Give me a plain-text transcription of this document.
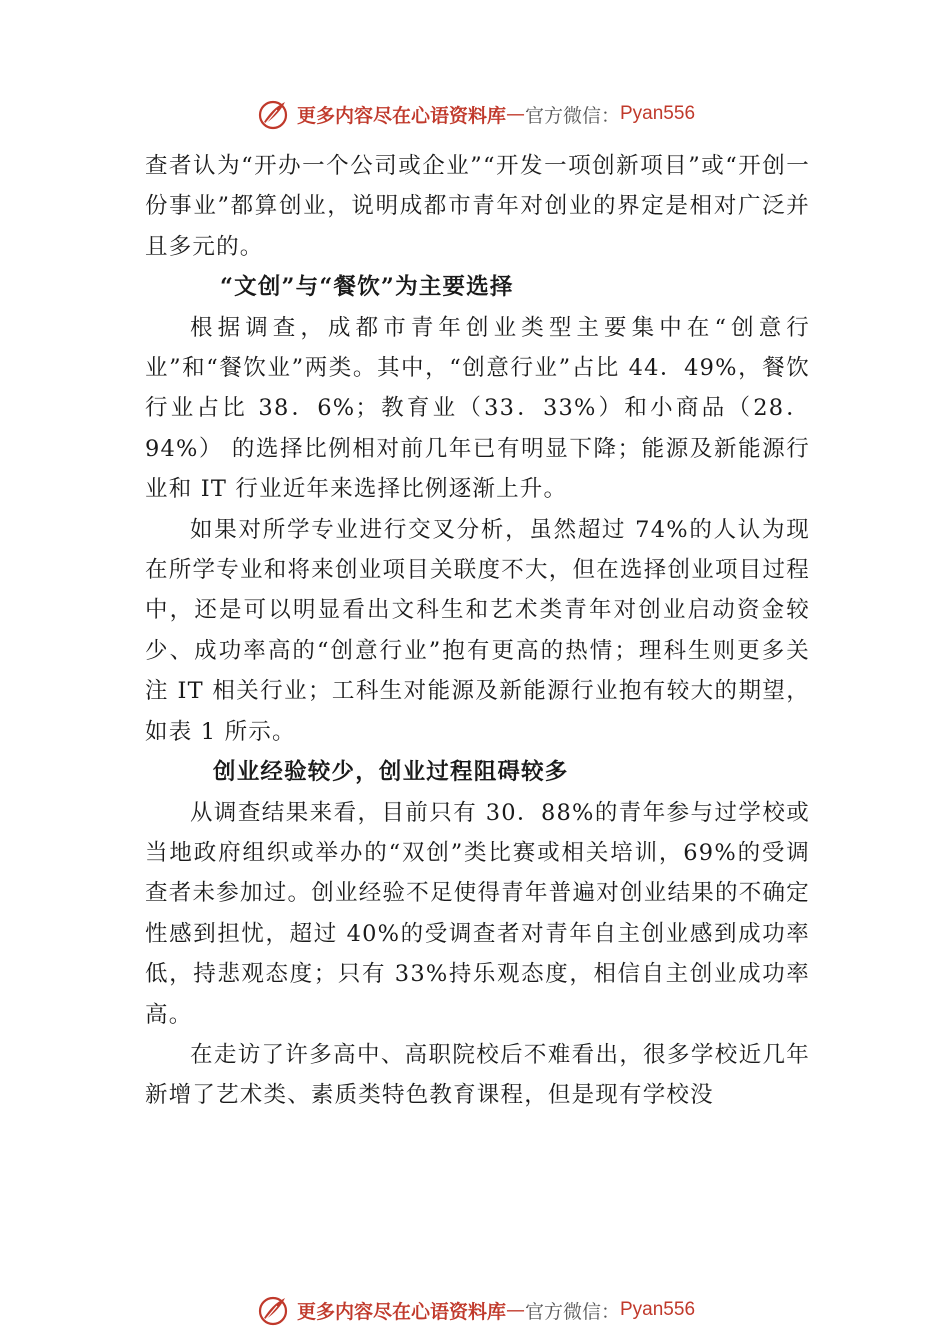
更多内容尽在心语资料库 — 官方微信： Pyan556

查者认为“开办一个公司或企业”“开发一项创新项目”或“开创一份事业”都算创业，说明成都市青年对创业的界定是相对广泛并且多元的。

“文创”与“餐饮”为主要选择

根据调查，成都市青年创业类型主要集中在“创意行业”和“餐饮业”两类。其中，“创意行业”占比 44．49%，餐饮行业占比 38．6%；教育业（33．33%）和小商品（28．94%） 的选择比例相对前几年已有明显下降；能源及新能源行业和 IT 行业近年来选择比例逐渐上升。

如果对所学专业进行交叉分析，虽然超过 74%的人认为现在所学专业和将来创业项目关联度不大，但在选择创业项目过程中，还是可以明显看出文科生和艺术类青年对创业启动资金较少、成功率高的“创意行业”抱有更高的热情；理科生则更多关注 IT 相关行业；工科生对能源及新能源行业抱有较大的期望，如表 1 所示。

创业经验较少，创业过程阻碍较多

从调查结果来看，目前只有 30．88%的青年参与过学校或当地政府组织或举办的“双创”类比赛或相关培训，69%的受调查者未参加过。创业经验不足使得青年普遍对创业结果的不确定性感到担忧，超过 40%的受调查者对青年自主创业感到成功率低，持悲观态度；只有 33%持乐观态度，相信自主创业成功率高。

在走访了许多高中、高职院校后不难看出，很多学校近几年新增了艺术类、素质类特色教育课程，但是现有学校没

更多内容尽在心语资料库 — 官方微信： Pyan556
